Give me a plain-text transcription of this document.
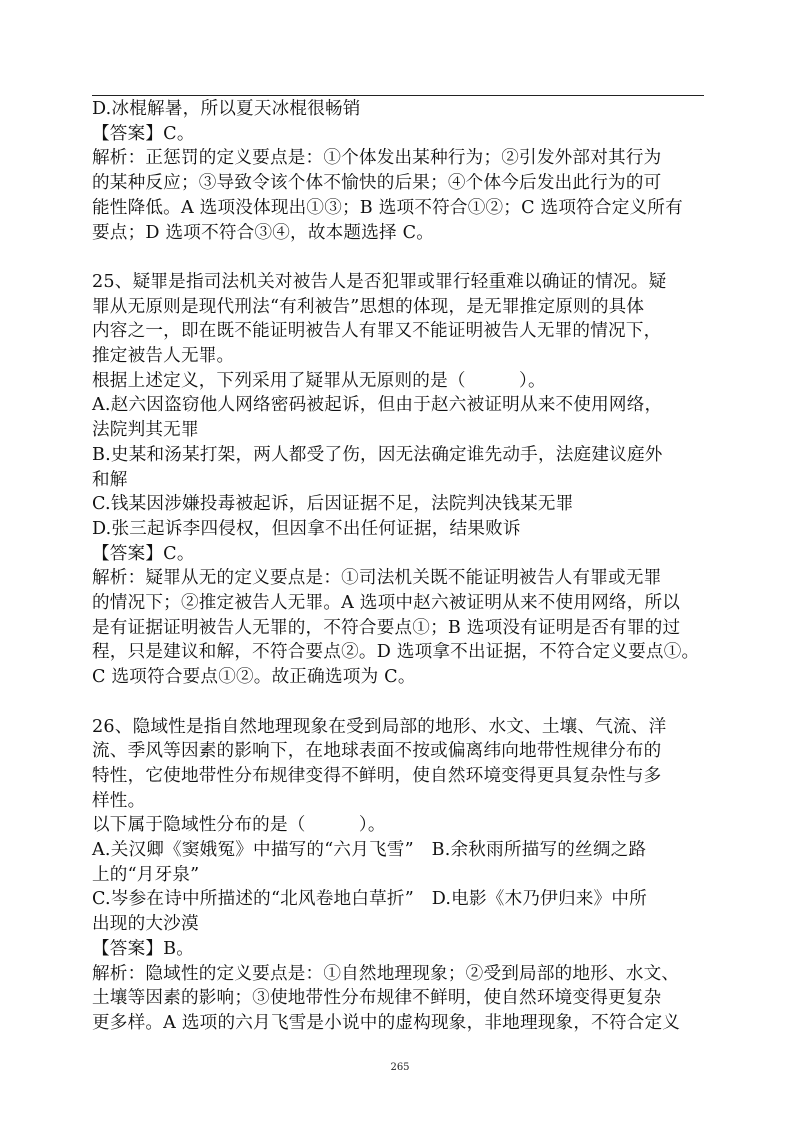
D.冰棍解暑，所以夏天冰棍很畅销

【答案】C。

解析：正惩罚的定义要点是：①个体发出某种行为；②引发外部对其行为

的某种反应；③导致令该个体不愉快的后果；④个体今后发出此行为的可

能性降低。A 选项没体现出①③；B 选项不符合①②；C 选项符合定义所有

要点；D 选项不符合③④，故本题选择 C。

25、疑罪是指司法机关对被告人是否犯罪或罪行轻重难以确证的情况。疑

罪从无原则是现代刑法“有利被告”思想的体现，是无罪推定原则的具体

内容之一，即在既不能证明被告人有罪又不能证明被告人无罪的情况下，

推定被告人无罪。

根据上述定义，下列采用了疑罪从无原则的是（　　　）。

A.赵六因盗窃他人网络密码被起诉，但由于赵六被证明从来不使用网络，

法院判其无罪

B.史某和汤某打架，两人都受了伤，因无法确定谁先动手，法庭建议庭外

和解

C.钱某因涉嫌投毒被起诉，后因证据不足，法院判决钱某无罪

D.张三起诉李四侵权，但因拿不出任何证据，结果败诉

【答案】C。

解析：疑罪从无的定义要点是：①司法机关既不能证明被告人有罪或无罪

的情况下；②推定被告人无罪。A 选项中赵六被证明从来不使用网络，所以

是有证据证明被告人无罪的，不符合要点①；B 选项没有证明是否有罪的过

程，只是建议和解，不符合要点②。D 选项拿不出证据，不符合定义要点①。

C 选项符合要点①②。故正确选项为 C。

26、隐域性是指自然地理现象在受到局部的地形、水文、土壤、气流、洋

流、季风等因素的影响下，在地球表面不按或偏离纬向地带性规律分布的

特性，它使地带性分布规律变得不鲜明，使自然环境变得更具复杂性与多

样性。

以下属于隐域性分布的是（　　　）。

A.关汉卿《窦娥冤》中描写的“六月飞雪”　B.余秋雨所描写的丝绸之路

上的“月牙泉”

C.岑参在诗中所描述的“北风卷地白草折”　D.电影《木乃伊归来》中所

出现的大沙漠

【答案】B。

解析：隐域性的定义要点是：①自然地理现象；②受到局部的地形、水文、

土壤等因素的影响；③使地带性分布规律不鲜明，使自然环境变得更复杂

更多样。A 选项的六月飞雪是小说中的虚构现象，非地理现象，不符合定义

265
